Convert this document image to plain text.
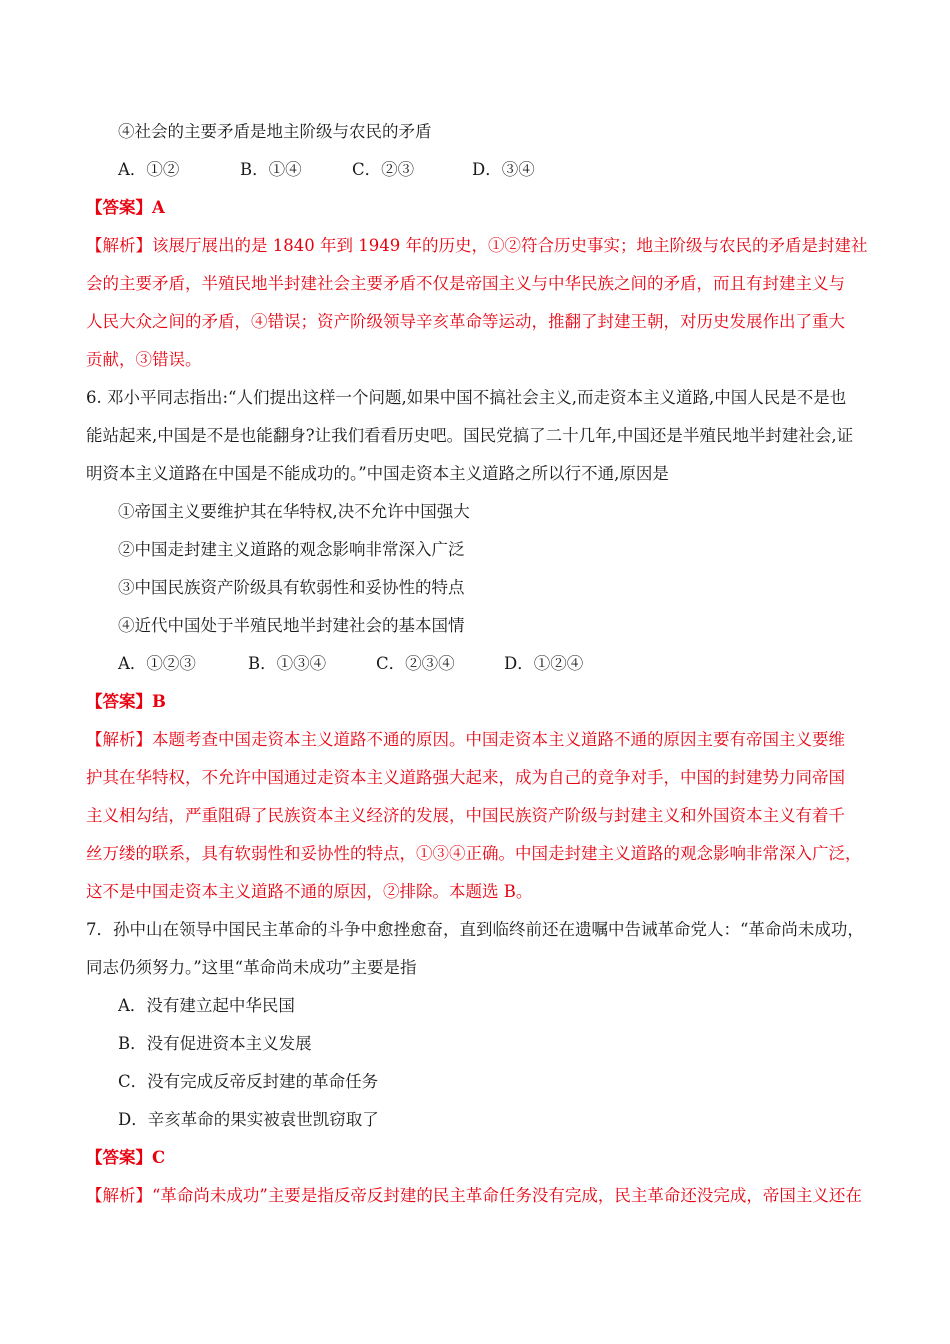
④社会的主要矛盾是地主阶级与农民的矛盾
A．①②	B．①④	C．②③	D．③④
【答案】A
【解析】该展厅展出的是 1840 年到 1949 年的历史，①②符合历史事实；地主阶级与农民的矛盾是封建社
会的主要矛盾，半殖民地半封建社会主要矛盾不仅是帝国主义与中华民族之间的矛盾，而且有封建主义与
人民大众之间的矛盾，④错误；资产阶级领导辛亥革命等运动，推翻了封建王朝，对历史发展作出了重大
贡献，③错误。
6. 邓小平同志指出:“人们提出这样一个问题,如果中国不搞社会主义,而走资本主义道路,中国人民是不是也
能站起来,中国是不是也能翻身?让我们看看历史吧。国民党搞了二十几年,中国还是半殖民地半封建社会,证
明资本主义道路在中国是不能成功的。”中国走资本主义道路之所以行不通,原因是
①帝国主义要维护其在华特权,决不允许中国强大
②中国走封建主义道路的观念影响非常深入广泛
③中国民族资产阶级具有软弱性和妥协性的特点
④近代中国处于半殖民地半封建社会的基本国情
A．①②③	B．①③④	C．②③④	D．①②④
【答案】B
【解析】本题考查中国走资本主义道路不通的原因。中国走资本主义道路不通的原因主要有帝国主义要维
护其在华特权，不允许中国通过走资本主义道路强大起来，成为自己的竞争对手，中国的封建势力同帝国
主义相勾结，严重阻碍了民族资本主义经济的发展，中国民族资产阶级与封建主义和外国资本主义有着千
丝万缕的联系，具有软弱性和妥协性的特点，①③④正确。中国走封建主义道路的观念影响非常深入广泛，
这不是中国走资本主义道路不通的原因，②排除。本题选 B。
7．孙中山在领导中国民主革命的斗争中愈挫愈奋，直到临终前还在遗嘱中告诫革命党人：“革命尚未成功，
同志仍须努力。”这里“革命尚未成功”主要是指
A．没有建立起中华民国
B．没有促进资本主义发展
C．没有完成反帝反封建的革命任务
D．辛亥革命的果实被袁世凯窃取了
【答案】C
【解析】“革命尚未成功”主要是指反帝反封建的民主革命任务没有完成，民主革命还没完成，帝国主义还在
